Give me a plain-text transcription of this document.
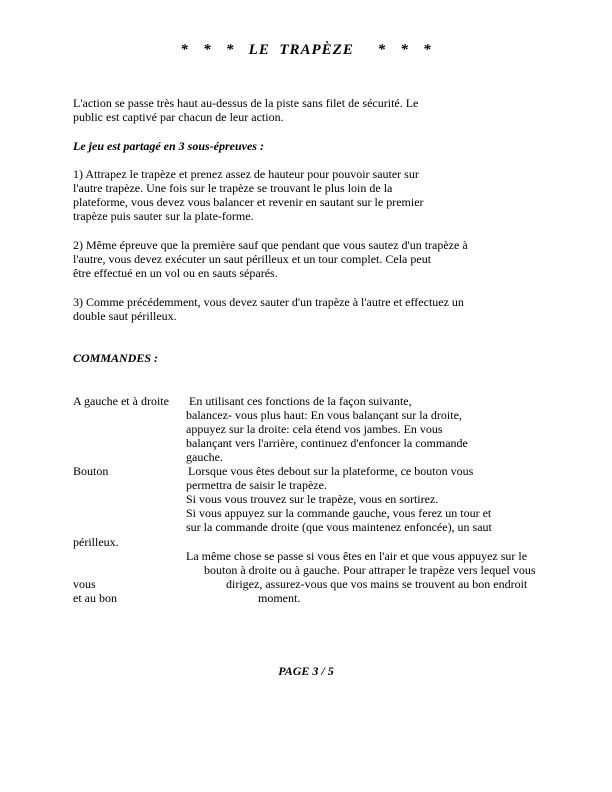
*   *   *   LE  TRAPÈZE     *   *   *
L'action se passe très haut au-dessus de la piste sans filet de sécurité. Le
public est captivé par chacun de leur action.
Le jeu est partagé en 3 sous-épreuves :
1) Attrapez le trapèze et prenez assez de hauteur pour pouvoir sauter sur
l'autre trapèze. Une fois sur le trapèze se trouvant le plus loin de la
plateforme, vous devez vous balancer et revenir en sautant sur le premier
trapèze puis sauter sur la plate-forme.
2) Même épreuve que la première sauf que pendant que vous sautez d'un trapèze à
l'autre, vous devez exécuter un saut périlleux et un tour complet. Cela peut
être effectué en un vol ou en sauts séparés.
3) Comme précédemment, vous devez sauter d'un trapèze à l'autre et effectuez un
double saut périlleux.
COMMANDES :
A gauche et à droite En utilisant ces fonctions de la façon suivante,
balancez- vous plus haut: En vous balançant sur la droite,
appuyez sur la droite: cela étend vos jambes. En vous
balançant vers l'arrière, continuez d'enfoncer la commande
gauche.
Bouton	Lorsque vous êtes debout sur la plateforme, ce bouton vous
permettra de saisir le trapèze.
Si vous vous trouvez sur le trapèze, vous en sortirez.
Si vous appuyez sur la commande gauche, vous ferez un tour et
sur la commande droite (que vous maintenez enfoncée), un saut
périlleux.
La même chose se passe si vous êtes en l'air et que vous appuyez sur le
bouton à droite ou à gauche. Pour attraper le trapèze vers lequel vous
vous	dirigez, assurez-vous que vos mains se trouvent au bon endroit
et au bon	moment.
PAGE 3 / 5
